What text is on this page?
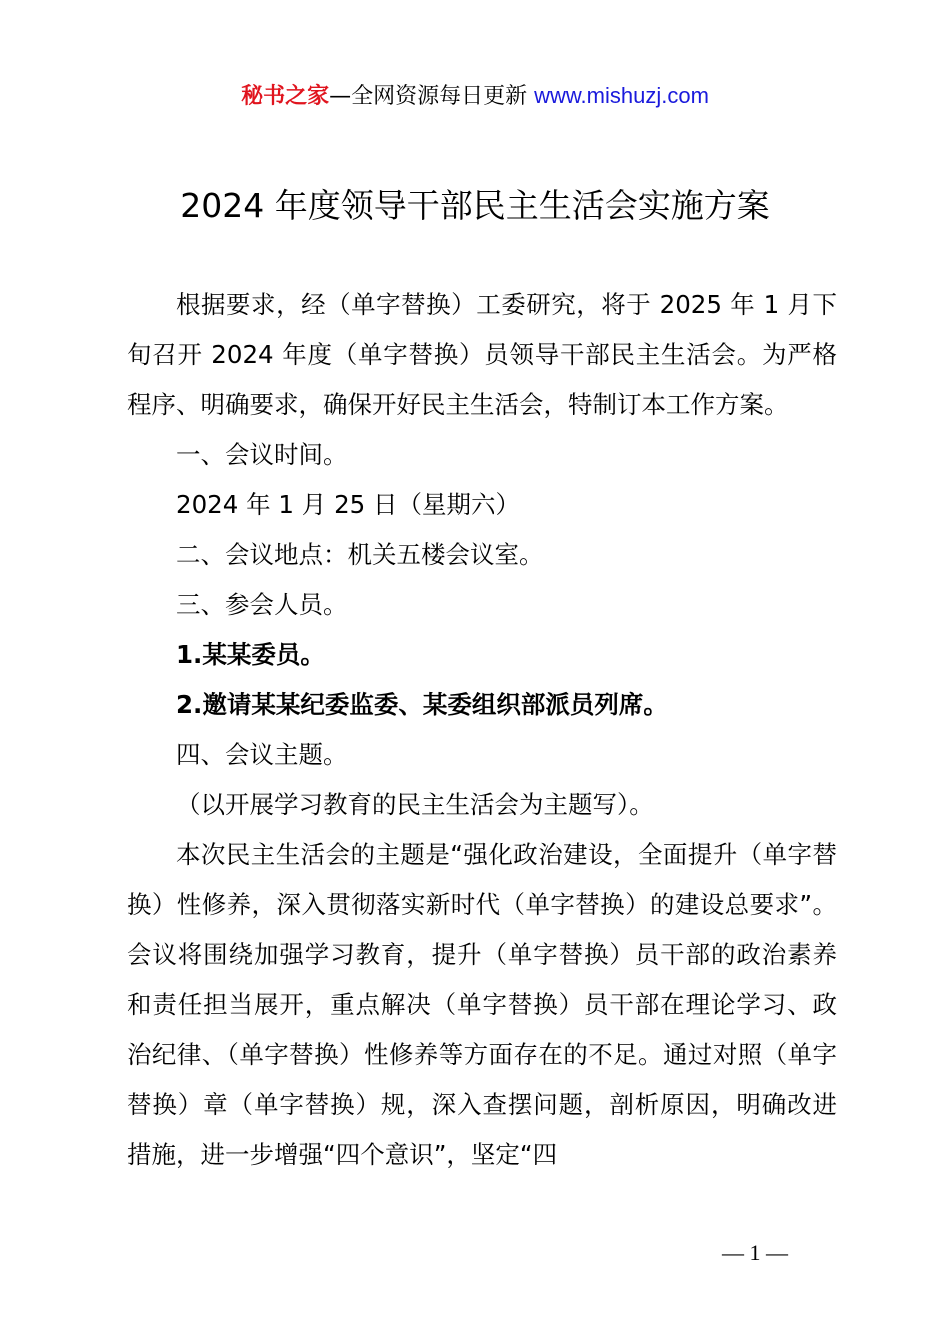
秘书之家—全网资源每日更新 www.mishuzj.com
2024 年度领导干部民主生活会实施方案

根据要求，经（单字替换）工委研究，将于 2025 年 1 月下旬召开 2024 年度（单字替换）员领导干部民主生活会。为严格程序、明确要求，确保开好民主生活会，特制订本工作方案。

一、会议时间。

2024 年 1 月 25 日（星期六）

二、会议地点：机关五楼会议室。

三、参会人员。

1.某某委员。

2.邀请某某纪委监委、某委组织部派员列席。

四、会议主题。

（以开展学习教育的民主生活会为主题写）。

本次民主生活会的主题是“强化政治建设，全面提升（单字替换）性修养，深入贯彻落实新时代（单字替换）的建设总要求”。会议将围绕加强学习教育，提升（单字替换）员干部的政治素养和责任担当展开，重点解决（单字替换）员干部在理论学习、政治纪律、（单字替换）性修养等方面存在的不足。通过对照（单字替换）章（单字替换）规，深入查摆问题，剖析原因，明确改进措施，进一步增强“四个意识”，坚定“四

— 1 —
